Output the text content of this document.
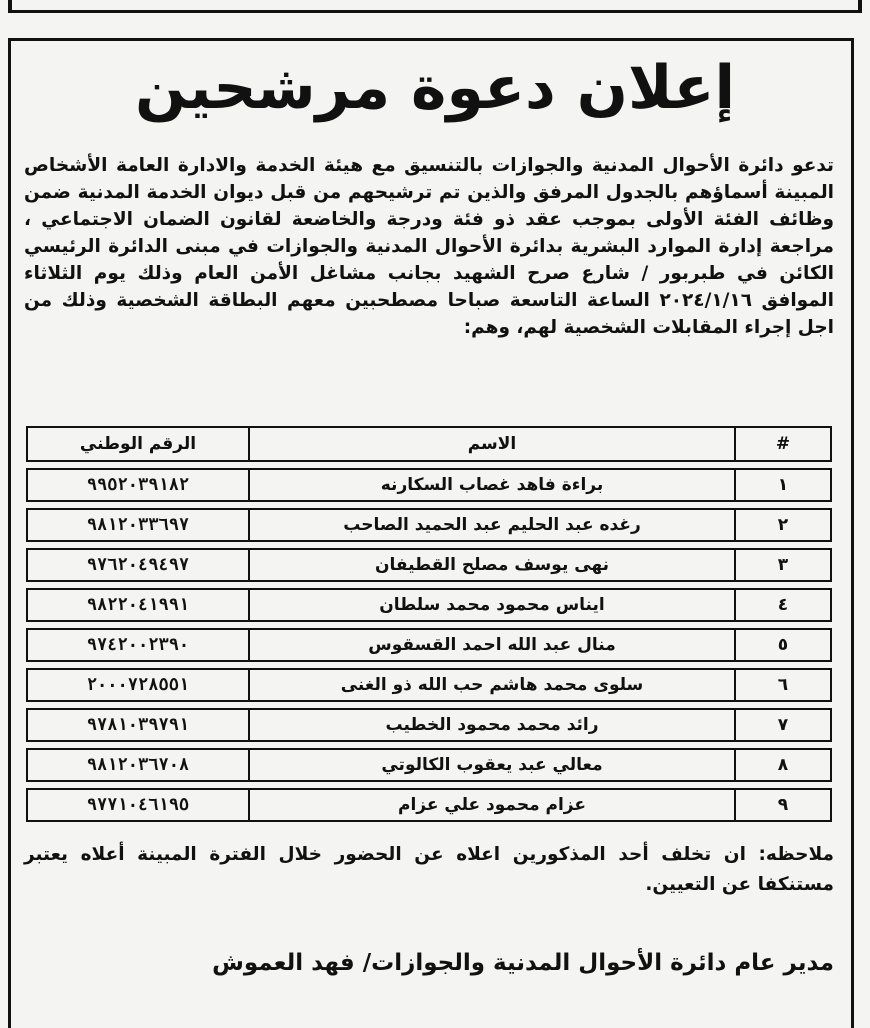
إعلان دعوة مرشحين
تدعو دائرة الأحوال المدنية والجوازات بالتنسيق مع هيئة الخدمة والادارة العامة الأشخاص المبينة أسماؤهم بالجدول المرفق والذين تم ترشيحهم من قبل ديوان الخدمة المدنية ضمن وظائف الفئة الأولى بموجب عقد ذو فئة ودرجة والخاضعة لقانون الضمان الاجتماعي ، مراجعة إدارة الموارد البشرية بدائرة الأحوال المدنية والجوازات في مبنى الدائرة الرئيسي الكائن في طبربور / شارع صرح الشهيد بجانب مشاغل الأمن العام وذلك يوم الثلاثاء الموافق ٢٠٢٤/١/١٦ الساعة التاسعة صباحا مصطحبين معهم البطاقة الشخصية وذلك من اجل إجراء المقابلات الشخصية لهم، وهم:
#	الاسم	الرقم الوطني
١	براءة فاهد غصاب السكارنه	٩٩٥٢٠٣٩١٨٢
٢	رغده عبد الحليم عبد الحميد الصاحب	٩٨١٢٠٣٣٦٩٧
٣	نهى يوسف مصلح القطيفان	٩٧٦٢٠٤٩٤٩٧
٤	ايناس محمود محمد سلطان	٩٨٢٢٠٤١٩٩١
٥	منال عبد الله احمد القسقوس	٩٧٤٢٠٠٢٣٩٠
٦	سلوى محمد هاشم حب الله ذو الغنى	٢٠٠٠٧٢٨٥٥١
٧	رائد محمد محمود الخطيب	٩٧٨١٠٣٩٧٩١
٨	معالي عبد يعقوب الكالوتي	٩٨١٢٠٣٦٧٠٨
٩	عزام محمود علي عزام	٩٧٧١٠٤٦١٩٥
ملاحظه: ان تخلف أحد المذكورين اعلاه عن الحضور خلال الفترة المبينة أعلاه يعتبر مستنكفا عن التعيين.
مدير عام دائرة الأحوال المدنية والجوازات/ فهد العموش
